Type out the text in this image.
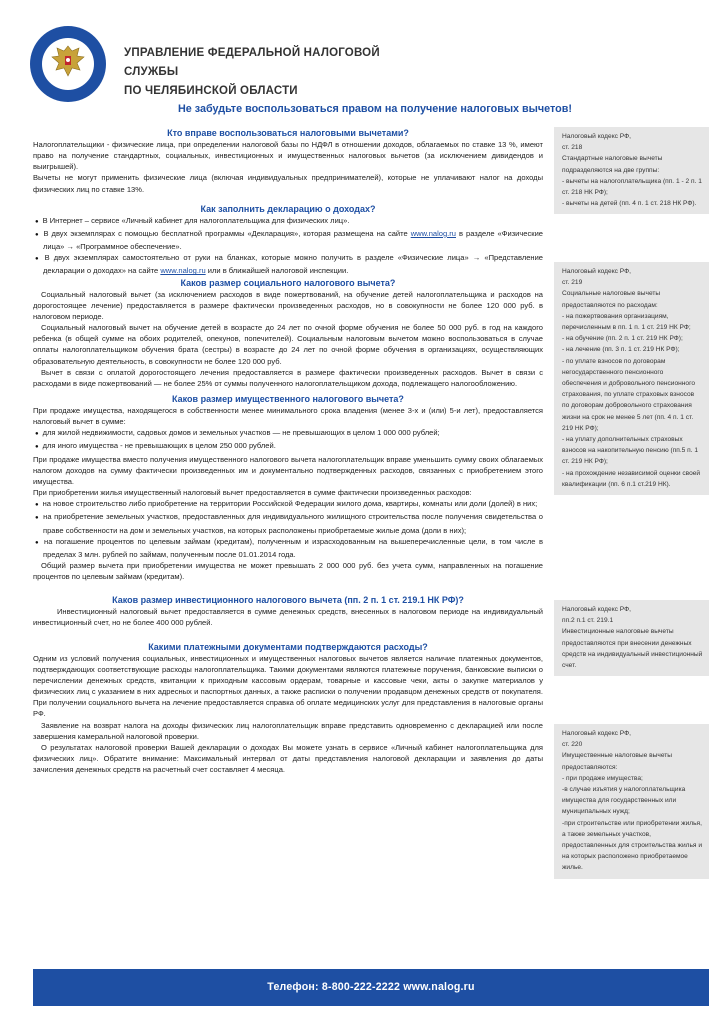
УПРАВЛЕНИЕ ФЕДЕРАЛЬНОЙ НАЛОГОВОЙ СЛУЖБЫ
ПО ЧЕЛЯБИНСКОЙ ОБЛАСТИ
Не забудьте воспользоваться правом на получение налоговых вычетов!
Кто вправе воспользоваться налоговыми вычетами?

Налогоплательщики - физические лица, при определении налоговой базы по НДФЛ в отношении доходов, облагаемых по ставке 13 %, имеют право на получение стандартных, социальных, инвестиционных и имущественных налоговых вычетов (за исключением дивидендов и выигрышей).

Вычеты не могут применить физические лица (включая индивидуальных предпринимателей), которые не уплачивают налог на доходы физических лиц по ставке 13%.

Как заполнить декларацию о доходах?

● В Интернет – сервисе «Личный кабинет для налогоплательщика для физических лиц».

● В двух экземплярах с помощью бесплатной программы «Декларация», которая размещена на сайте www.nalog.ru в разделе «Физические лица» → «Программное обеспечение».

● В двух экземплярах самостоятельно от руки на бланках, которые можно получить в разделе «Физические лица» → «Представление декларации о доходах» на сайте www.nalog.ru или в ближайшей налоговой инспекции.

Каков размер социального налогового вычета?

Социальный налоговый вычет (за исключением расходов в виде пожертвований, на обучение детей налогоплательщика и расходов на дорогостоящее лечение) предоставляется в размере фактически произведенных расходов, но в совокупности не более 120 000 руб. в налоговом периоде.

Социальный налоговый вычет на обучение детей в возрасте до 24 лет по очной форме обучения не более 50 000 руб. в год на каждого ребенка (в общей сумме на обоих родителей, опекунов, попечителей). Социальным налоговым вычетом можно воспользоваться в случае оплаты налогоплательщиком обучения брата (сестры) в возрасте до 24 лет по очной форме обучения в организациях, осуществляющих образовательную деятельность, в совокупности не более 120 000 руб.

Вычет в связи с оплатой дорогостоящего лечения предоставляется в размере фактически произведенных расходов. Вычет в связи с расходами в виде пожертвований — не более 25% от суммы полученного налогоплательщиком дохода, подлежащего налогообложению.

Каков размер имущественного налогового вычета?

При продаже имущества, находящегося в собственности менее минимального срока владения (менее 3-х и (или) 5-и лет), предоставляется налоговый вычет в сумме:

● для жилой недвижимости, садовых домов и земельных участков — не превышающих в целом 1 000 000 рублей;

● для иного имущества - не превышающих в целом 250 000 рублей.

При продаже имущества вместо получения имущественного налогового вычета налогоплательщик вправе уменьшить сумму своих облагаемых налогом доходов на сумму фактически произведенных им и документально подтвержденных расходов, связанных с приобретением этого имущества.

При приобретении жилья имущественный налоговый вычет предоставляется в сумме фактически произведенных расходов:

● на новое строительство либо приобретение на территории Российской Федерации жилого дома, квартиры, комнаты или доли (долей) в них;

● на приобретение земельных участков, предоставленных для индивидуального жилищного строительства после получения свидетельства о праве собственности на дом и земельных участков, на которых расположены приобретаемые жилые дома (доли в них);

● на погашение процентов по целевым займам (кредитам), полученным и израсходованным на вышеперечисленные цели, в том числе в пределах 3 млн. рублей по займам, полученным после 01.01.2014 года.

Общий размер вычета при приобретении имущества не может превышать 2 000 000 руб. без учета сумм, направленных на погашение процентов по целевым займам (кредитам).

Каков размер инвестиционного налогового вычета (пп. 2 п. 1 ст. 219.1 НК РФ)?

Инвестиционный налоговый вычет предоставляется в сумме денежных средств, внесенных в налоговом периоде на индивидуальный инвестиционный счет, но не более 400 000 рублей.

Какими платежными документами подтверждаются расходы?

Одним из условий получения социальных, инвестиционных и имущественных налоговых вычетов является наличие платежных документов, подтверждающих соответствующие расходы налогоплательщика. Такими документами являются платежные поручения, банковские выписки о перечислении денежных средств, квитанции к приходным кассовым ордерам, товарные и кассовые чеки, акты о закупке материалов у физических лиц с указанием в них адресных и паспортных данных, а также расписки о получении продавцом денежных средств от покупателя. При получении социального вычета на лечение предоставляется справка об оплате медицинских услуг для представления в налоговые органы РФ.

Заявление на возврат налога на доходы физических лиц налогоплательщик вправе представить одновременно с декларацией или после завершения камеральной налоговой проверки.

О результатах налоговой проверки Вашей декларации о доходах Вы можете узнать в сервисе «Личный кабинет налогоплательщика для физических лиц». Обратите внимание: Максимальный интервал от даты представления налоговой декларации и заявления до даты зачисления денежных средств на расчетный счет составляет 4 месяца.

Налоговый кодекс РФ,

ст. 218

Стандартные налоговые вычеты подразделяются на две группы:

- вычеты на налогоплательщика (пп. 1 - 2 п. 1 ст. 218 НК РФ);

- вычеты на детей (пп. 4 п. 1 ст. 218 НК РФ).

Налоговый кодекс РФ,

ст. 219

Социальные налоговые вычеты предоставляются по расходам:

- на пожертвования организациям, перечисленным в пп. 1 п. 1 ст. 219 НК РФ;

- на обучение (пп. 2 п. 1 ст. 219 НК РФ);

- на лечение (пп. 3 п. 1 ст. 219 НК РФ);

- по уплате взносов по договорам негосударственного пенсионного обеспечения и добровольного пенсионного страхования, по уплате страховых взносов по договорам добровольного страхования жизни на срок не менее 5 лет (пп. 4 п. 1 ст. 219 НК РФ);

- на уплату дополнительных страховых взносов на накопительную пенсию (пп.5 п. 1 ст. 219 НК РФ);

- на прохождение независимой оценки своей квалификации (пп. 6 п.1 ст.219 НК).

Налоговый кодекс РФ,

пп.2 п.1 ст. 219.1

Инвестиционные налоговые вычеты предоставляются при внесении денежных средств на индивидуальный инвестиционный счет.

Налоговый кодекс РФ,

ст. 220

Имущественные налоговые вычеты предоставляются:

- при продаже имущества;

-в случае изъятия у налогоплательщика имущества для государственных или муниципальных нужд;

-при строительстве или приобретении жилья, а также земельных участков, предоставленных для строительства жилья и на которых расположено приобретаемое жилье.

Телефон: 8-800-222-2222 www.nalog.ru
